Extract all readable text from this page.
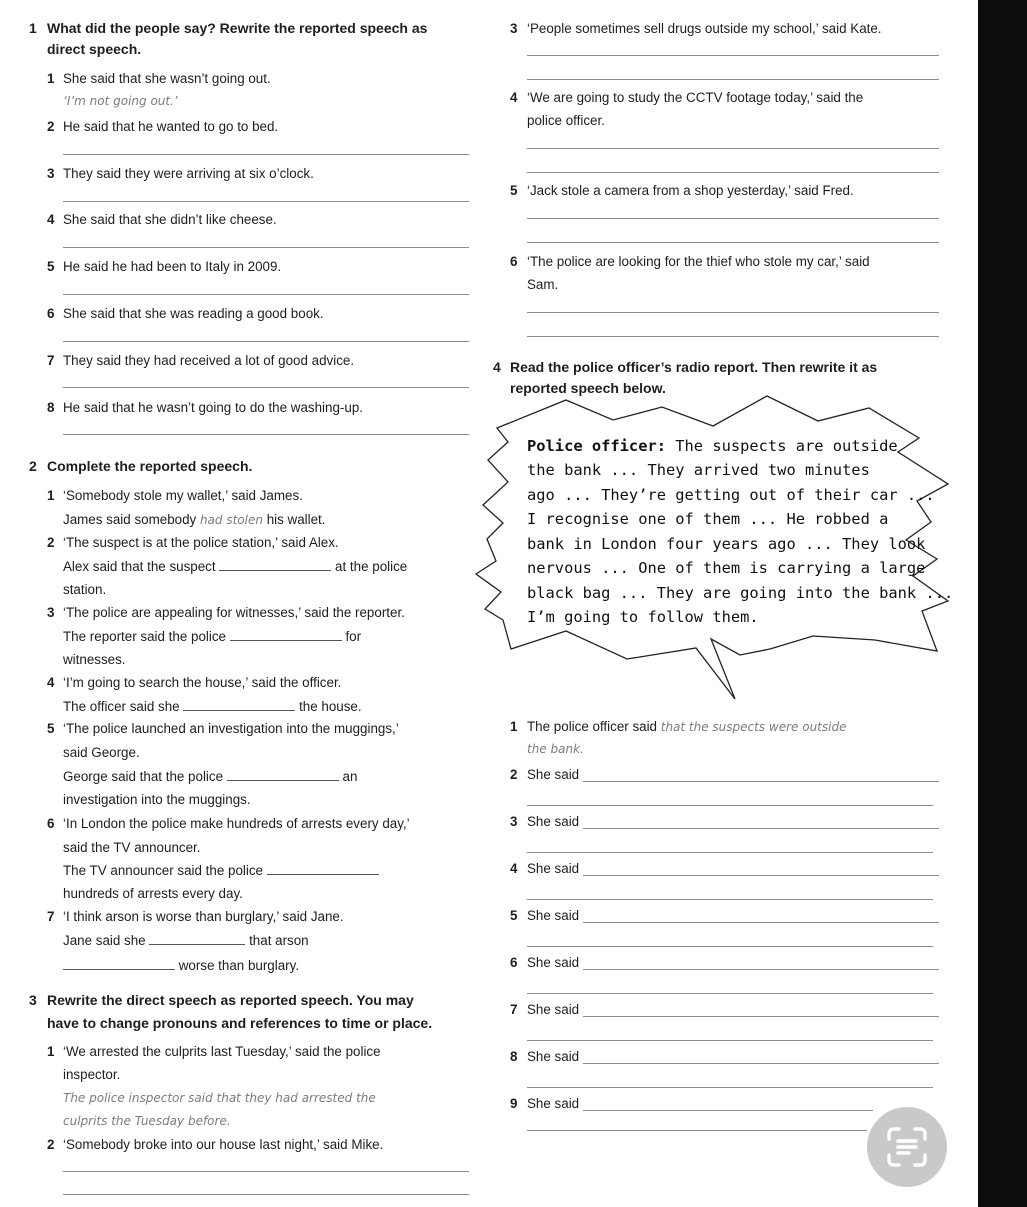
1 What did the people say? Rewrite the reported speech as
direct speech.
1 She said that she wasn’t going out.
‘I’m not going out.’
2 He said that he wanted to go to bed.
3 They said they were arriving at six o’clock.
4 She said that she didn’t like cheese.
5 He said he had been to Italy in 2009.
6 She said that she was reading a good book.
7 They said they had received a lot of good advice.
8 He said that he wasn’t going to do the washing-up.
2 Complete the reported speech.
1 ‘Somebody stole my wallet,’ said James.
James said somebody had stolen his wallet.
2 ‘The suspect is at the police station,’ said Alex.
Alex said that the suspect	at the police
station.
3 ‘The police are appealing for witnesses,’ said the reporter.
The reporter said the police	for
witnesses.
4 ‘I’m going to search the house,’ said the officer.
The officer said she	the house.
5 ‘The police launched an investigation into the muggings,’
said George.
George said that the police	an
investigation into the muggings.
6 ‘In London the police make hundreds of arrests every day,’
said the TV announcer.
The TV announcer said the police
hundreds of arrests every day.
7 ‘I think arson is worse than burglary,’ said Jane.
Jane said she	that arson
worse than burglary.
3 Rewrite the direct speech as reported speech. You may
have to change pronouns and references to time or place.
1 ‘We arrested the culprits last Tuesday,’ said the police
inspector.
The police inspector said that they had arrested the
culprits the Tuesday before.
2 ‘Somebody broke into our house last night,’ said Mike.
3 ‘People sometimes sell drugs outside my school,’ said Kate.
4 ‘We are going to study the CCTV footage today,’ said the
police officer.
5 ‘Jack stole a camera from a shop yesterday,’ said Fred.
6 ‘The police are looking for the thief who stole my car,’ said
Sam.
4 Read the police officer’s radio report. Then rewrite it as
reported speech below.
Police officer: The suspects are outside
the bank ... They arrived two minutes
ago ... They’re getting out of their car ...
I recognise one of them ... He robbed a
bank in London four years ago ... They look
nervous ... One of them is carrying a large
black bag ... They are going into the bank ...
I’m going to follow them.
1 The police officer said that the suspects were outside
the bank.
2 She said
3 She said
4 She said
5 She said
6 She said
7 She said
8 She said
9 She said
